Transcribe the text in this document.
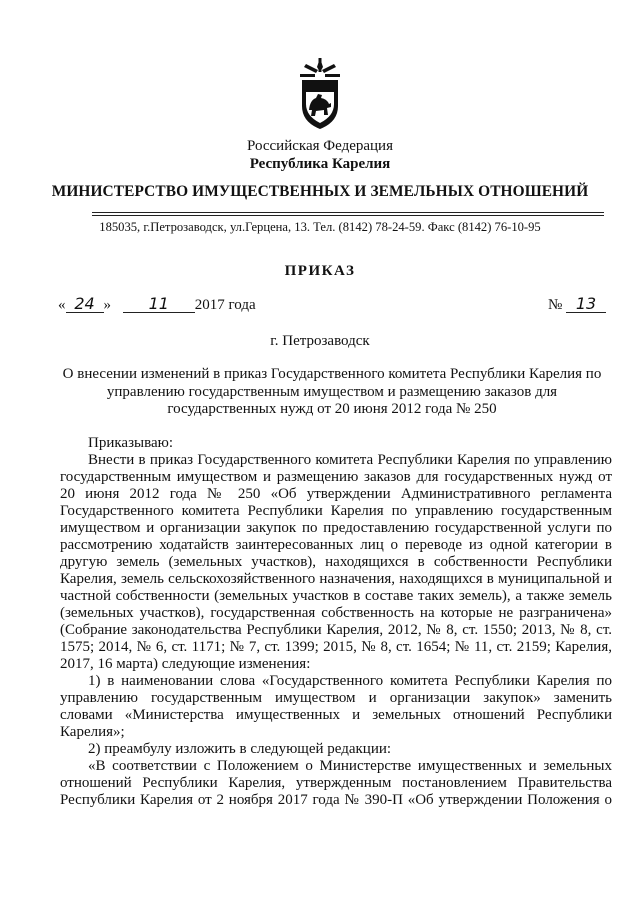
Российская Федерация
Республика Карелия
МИНИСТЕРСТВО ИМУЩЕСТВЕННЫХ И ЗЕМЕЛЬНЫХ ОТНОШЕНИЙ
185035, г.Петрозаводск, ул.Герцена, 13. Тел. (8142) 78-24-59. Факс (8142) 76-10-95
ПРИКАЗ
« 24 » 11 2017 года	№ 13
г. Петрозаводск
О внесении изменений в приказ Государственного комитета Республики Карелия по управлению государственным имуществом и размещению заказов для государственных нужд от 20 июня 2012 года № 250
Приказываю:
Внести в приказ Государственного комитета Республики Карелия по управлению государственным имуществом и размещению заказов для государственных нужд от 20 июня 2012 года № 250 «Об утверждении Административного регламента Государственного комитета Республики Карелия по управлению государственным имуществом и организации закупок по предоставлению государственной услуги по рассмотрению ходатайств заинтересованных лиц о переводе из одной категории в другую земель (земельных участков), находящихся в собственности Республики Карелия, земель сельскохозяйственного назначения, находящихся в муниципальной и частной собственности (земельных участков в составе таких земель), а также земель (земельных участков), государственная собственность на которые не разграничена» (Собрание законодательства Республики Карелия, 2012, № 8, ст. 1550; 2013, № 8, ст. 1575; 2014, № 6, ст. 1171; № 7, ст. 1399; 2015, № 8, ст. 1654; № 11, ст. 2159; Карелия, 2017, 16 марта) следующие изменения:
1) в наименовании слова «Государственного комитета Республики Карелия по управлению государственным имуществом и организации закупок» заменить словами «Министерства имущественных и земельных отношений Республики Карелия»;
2) преамбулу изложить в следующей редакции:
«В соответствии с Положением о Министерстве имущественных и земельных отношений Республики Карелия, утвержденным постановлением Правительства Республики Карелия от 2 ноября 2017 года № 390-П «Об утверждении Положения о
